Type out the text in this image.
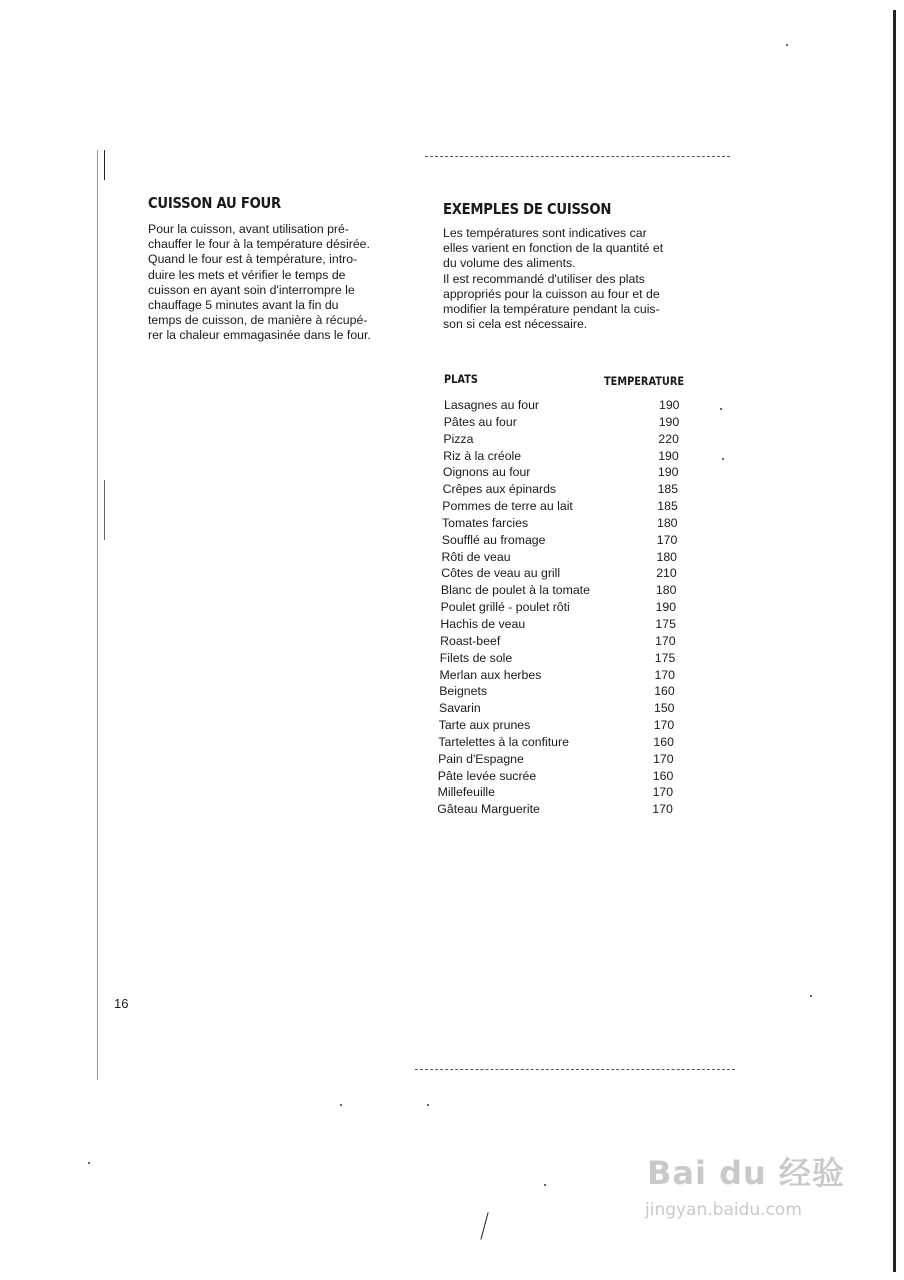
CUISSON AU FOUR

Pour la cuisson, avant utilisation pré-

chauffer le four à la température désirée.

Quand le four est à température, intro-

duire les mets et vérifier le temps de

cuisson en ayant soin d'interrompre le

chauffage 5 minutes avant la fin du

temps de cuisson, de manière à récupé-

rer la chaleur emmagasinée dans le four.

EXEMPLES DE CUISSON

Les températures sont indicatives car

elles varient en fonction de la quantité et

du volume des aliments.

Il est recommandé d'utiliser des plats

appropriés pour la cuisson au four et de

modifier la température pendant la cuis-

son si cela est nécessaire.

PLATS	TEMPERATURE
Lasagnes au four	190
Pâtes au four	190
Pizza	220
Riz à la créole	190
Oignons au four	190
Crêpes aux épinards	185
Pommes de terre au lait	185
Tomates farcies	180
Soufflé au fromage	170
Rôti de veau	180
Côtes de veau au grill	210
Blanc de poulet à la tomate	180
Poulet grillé - poulet rôti	190
Hachis de veau	175
Roast-beef	170
Filets de sole	175
Merlan aux herbes	170
Beignets	160
Savarin	150
Tarte aux prunes	170
Tartelettes à la confiture	160
Pain d'Espagne	170
Pâte levée sucrée	160
Millefeuille	170
Gâteau Marguerite	170
16
Bai du 经验
jingyan.baidu.com
